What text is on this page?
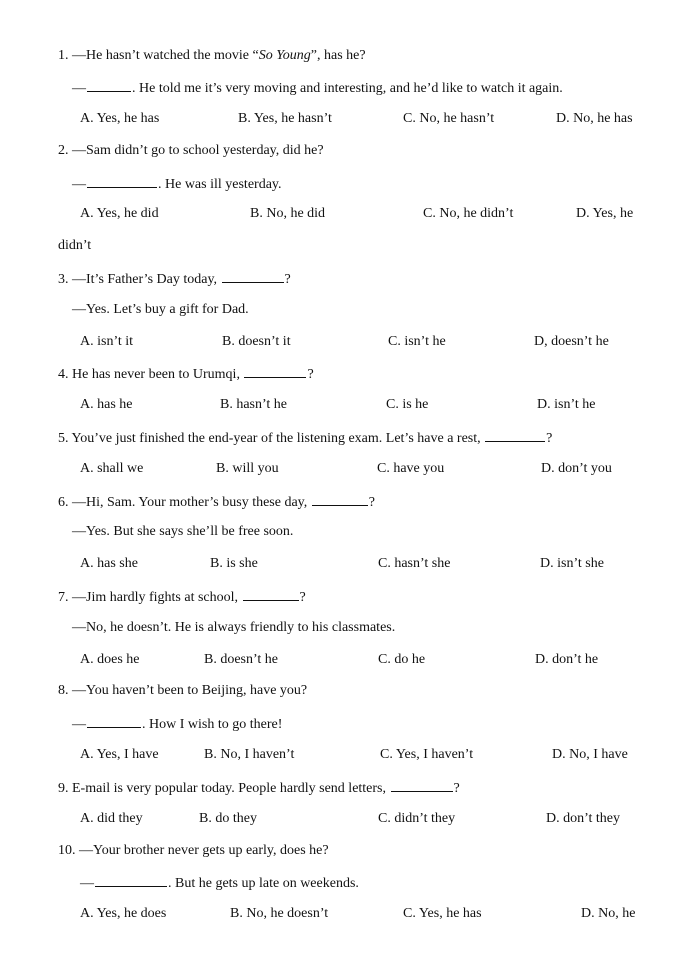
1. —He hasn’t watched the movie “So Young”, has he?
—	. He told me it’s very moving and interesting, and he’d like to watch it again.
A. Yes, he has	B. Yes, he hasn’t	C. No, he hasn’t	D. No, he has
2. —Sam didn’t go to school yesterday, did he?
—	. He was ill yesterday.
A. Yes, he did	B. No, he did	C. No, he didn’t	D. Yes, he
didn’t
3. —It’s Father’s Day today,	?
—Yes. Let’s buy a gift for Dad.
A. isn’t it	B. doesn’t it	C. isn’t he	D, doesn’t he
4. He has never been to Urumqi,	?
A. has he	B. hasn’t he	C. is he	D. isn’t he
5. You’ve just finished the end-year of the listening exam. Let’s have a rest,	?
A. shall we	B. will you	C. have you	D. don’t you
6. —Hi, Sam. Your mother’s busy these day,	?
—Yes. But she says she’ll be free soon.
A. has she	B. is she	C. hasn’t she	D. isn’t she
7. —Jim hardly fights at school,	?
—No, he doesn’t. He is always friendly to his classmates.
A. does he	B. doesn’t he	C. do he	D. don’t he
8. —You haven’t been to Beijing, have you?
—	. How I wish to go there!
A. Yes, I have	B. No, I haven’t	C. Yes, I haven’t	D. No, I have
9. E-mail is very popular today. People hardly send letters,	?
A. did they	B. do they	C. didn’t they	D. don’t they
10. —Your brother never gets up early, does he?
—	. But he gets up late on weekends.
A. Yes, he does	B. No, he doesn’t	C. Yes, he has	D. No, he
